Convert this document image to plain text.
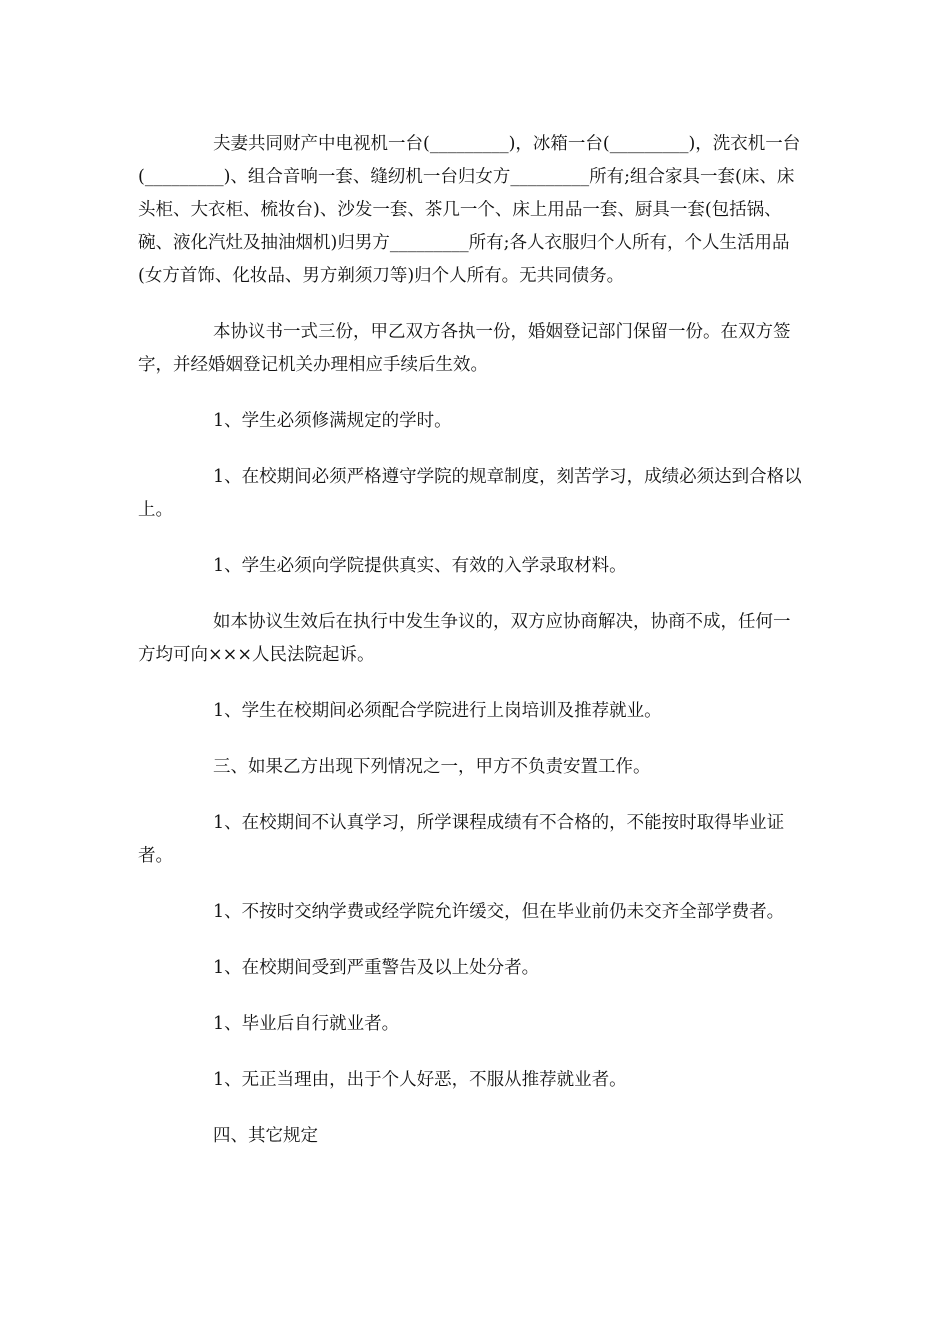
夫妻共同财产中电视机一台(_________)，冰箱一台(_________)，洗衣机一台(_________)、组合音响一套、缝纫机一台归女方_________所有;组合家具一套(床、床头柜、大衣柜、梳妆台)、沙发一套、茶几一个、床上用品一套、厨具一套(包括锅、碗、液化汽灶及抽油烟机)归男方_________所有;各人衣服归个人所有，个人生活用品(女方首饰、化妆品、男方剃须刀等)归个人所有。无共同债务。

本协议书一式三份，甲乙双方各执一份，婚姻登记部门保留一份。在双方签字，并经婚姻登记机关办理相应手续后生效。

1、学生必须修满规定的学时。

1、在校期间必须严格遵守学院的规章制度，刻苦学习，成绩必须达到合格以上。

1、学生必须向学院提供真实、有效的入学录取材料。

如本协议生效后在执行中发生争议的，双方应协商解决，协商不成，任何一方均可向×××人民法院起诉。

1、学生在校期间必须配合学院进行上岗培训及推荐就业。

三、如果乙方出现下列情况之一，甲方不负责安置工作。

1、在校期间不认真学习，所学课程成绩有不合格的，不能按时取得毕业证者。

1、不按时交纳学费或经学院允许缓交，但在毕业前仍未交齐全部学费者。

1、在校期间受到严重警告及以上处分者。

1、毕业后自行就业者。

1、无正当理由，出于个人好恶，不服从推荐就业者。

四、其它规定
